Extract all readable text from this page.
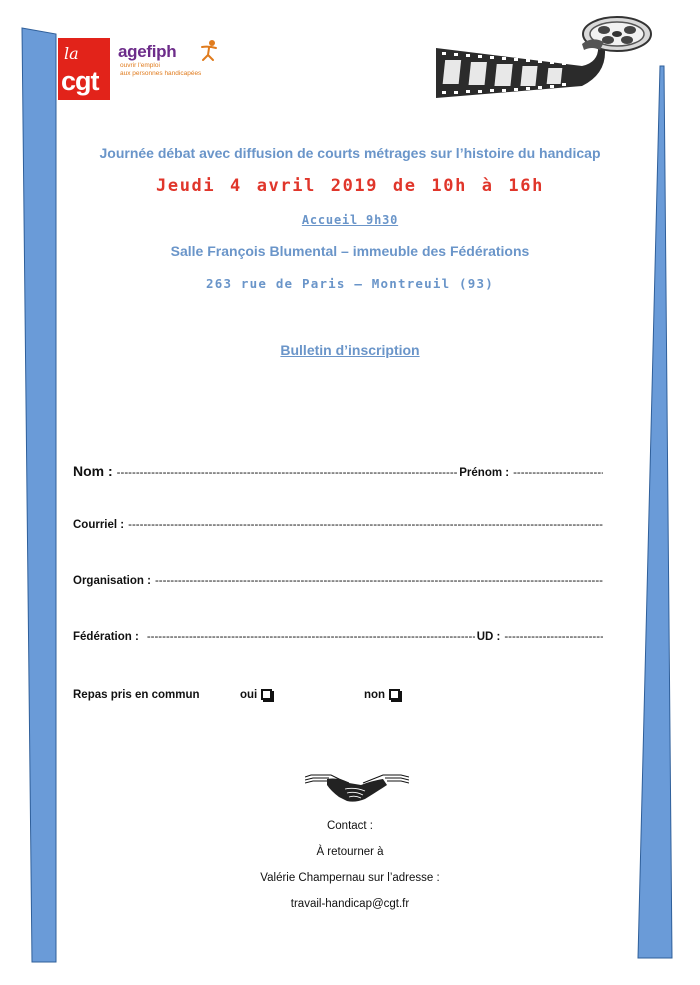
la
cgt
agefiph
ouvrir l'emploi
aux personnes handicapées
Journée débat avec diffusion de courts métrages sur l’histoire du handicap
Jeudi 4 avril 2019 de 10h à 16h
Accueil 9h30
Salle François Blumental – immeuble des Fédérations
263 rue de Paris – Montreuil (93)
Bulletin d’inscription
Nom : -----	Prénom :
-----
Courriel :
-----
Organisation :
-----
Fédération : -----	UD :
-----
Repas pris en commun	oui	non
Contact :
À retourner à
Valérie Champernau sur l’adresse :
travail-handicap@cgt.fr
